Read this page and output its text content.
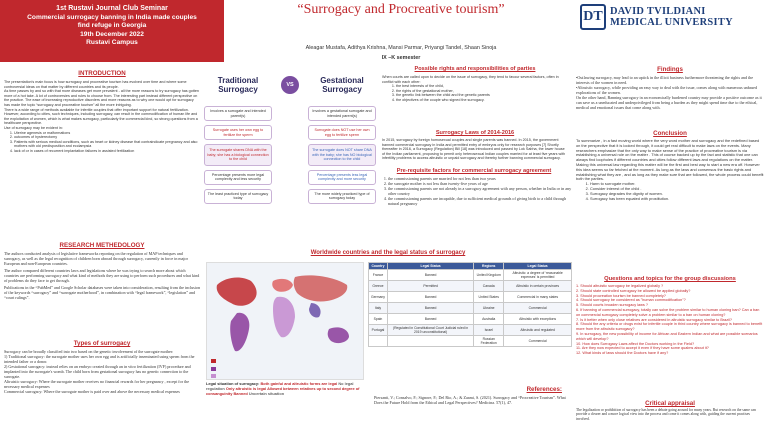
1st Rustavi Journal Club Seminar
Commercial surrogacy banning in India made couples
find refuge in Georgia
19th December 2022
Rustavi Campus
“Surrogacy and Procreative tourism”
Aleagar Mustafa, Adithya Krishna, Mansi Parmar, Priyangi Tandel, Shaan Sinoja
IX –K semester
DT DAVID TVILDIANI
MEDICAL UNIVERSITY
INTRODUCTION
The presentation's main focus is how surrogacy and procreative tourism has evolved over time and where some controversial ideas on that matter by different countries and its people.
As time passes by and so with that more diseases get more prevalent - all the more reasons to try surrogacy has gotten more of a hot take. A lot of controversies and rules to choose from. The interesting part instead different perspective on the practice. The ease of increasing reproductive disorders and more reasons as to why one would opt for surrogacy has made the topic “surrogacy and procreative tourism” all the more intriguing.
There is a wide range of methods available for infertile couples that offer important support for natural fertilization. However, according to cities, such techniques, including surrogacy, can result in the commodification of human life and the exploitation of women, which is what makes surrogacy, particularly the commercial kind, so strong questions from a healthcare perspective.
Use of surrogacy may be evident in:
1. Uterine agenesis or malformations
2. outcomes of hysterectomy
3. Patients with serious medical conditions, such as heart or kidney disease that contraindicate pregnancy and also mothers with old predisposition and ecclampsia
4. lack of or in cases of recurrent implantation failures in assisted fertilization
RESEARCH METHEDOLOGY
The authors conducted analysis of legislative frameworks reporting on the regulation of MAP techniques and surrogacy, as well as the legal recognition of children born abroad through surrogacy, currently in force in major European and non-European countries.
The author compared different countries laws and legislations where he was trying to search more about which countries are performing surrogacy and what kind of methods they are using to perform such procedures and what kind of problems do they face to get through.
Publications in the “PubMed” and Google Scholar databases were taken into consideration, resulting from the inclusion of the keywords “surrogacy” and “surrogate motherhood”, in combination with “legal framework”, “legislation” and “court rulings”.
Types of surrogacy
Surrogacy can be broadly classified into two based on the genetic involvement of the surrogate mother:
1) Traditional surrogacy: the surrogate mother uses her own egg and is artificially inseminated using sperm from the intended father or a donor.
2) Gestational surrogacy: instead relies on an embryo created through an in vitro fertilization (IVF) procedure and implanted into the surrogate's womb. The child born from gestational surrogacy has no genetic connection to the surrogate.
Altruistic surrogacy: Where the surrogate mother receives no financial rewards for her pregnancy , except for the necessary medical expenses
Commercial surrogacy: Where the surrogate mother is paid over and above the necessary medical expenses
Traditional Surrogacy	VS	Gestational Surrogacy
Involves a surrogate and intended parent(s)
Surrogate uses her own egg to fertilize the sperm
The surrogate shares DNA with the baby; she has a biological connection to the child
Percentage presents more legal complexity and less security
The least practiced type of surrogacy today
Involves a gestational surrogate and intended parent(s)
Surrogate does NOT use her own egg to fertilize sperm
The surrogate does NOT share DNA with the baby; she has NO biological connection to the child
Percentage presents less legal complexity and more security
The more widely practiced type of surrogacy today
Possible rights and responsibilities of parties
When courts are called upon to decide on the issue of surrogacy, they tend to favour several factors, often in conflict with each other:
1. the best interests of the child,
2. the rights of the gestational mother,
3. the genetic link between the child and the genetic parents
4. the objectives of the couple who signed the surrogacy.
Surrogacy Laws of 2014-2016
In 2015, surrogacy by foreign homosexual couples and single parents was banned. In 2015, the government banned commercial surrogacy in India and permitted entry of embryos only for research purposes [7] Shortly thereafter in 2016, a Surrogacy (Regulation) Bill [18] was introduced and passed by Lok Sabha, the lower house of the Indian parliament, proposing to permit only heterosexual Indian couples married for at least five years with infertility problems to access altruistic or unpaid surrogacy and thereby further banning commercial surrogacy.
Pre-requisite factors for commercial surrogacy agreement
1. the commissioning parents are married for not less than two years
2. the surrogate mother is not less than twenty-five years of age
3. the commissioning parents are not already in a surrogacy agreement with any person, whether in India or in any other country
4. the commissioning parents are incapable, due to sufficient medical grounds of giving birth to a child through natural pregnancy
Worldwide countries and the legal status of surrogacy
Country	Legal Status	Regions	Legal Status
France	Banned	United Kingdom	Altruistic: a degree of ‘reasonable expenses’ is permitted
Greece	Permitted	Canada	Altruistic in certain provinces
Germany	Banned	United States	Commercial in many states
Italy	Banned	Ukraine	Commercial
Spain	Banned	Australia	Altruistic with exceptions
Portugal	(Regulated in Constitutional Court Judicial ruled in 2019 unconstitutional)	Israel	Altruistic and regulated
		Russian Federation	Commercial
Legal situation of surrogacy: Both gainful and altruistic forms are legal No legal regulation Only altruistic is legal Allowed between relatives up to second degree of consanguinity Banned Uncertain situation
References:
Piersanti, V.; Consalvo, F.; Signore, F.; Del Rio, A.; & Zaami, S. (2021). Surrogacy and “Procreative Tourism”. What Does the Future Hold from the Ethical and Legal Perspectives? Medicina. 57(1), 47.
Findings
•Outlawing surrogacy, may lead to an uptick in the illicit business furthermore threatening the rights and the interests of the women in need.
•Altruistic surrogacy, while providing an easy way to deal with the issue, comes along with numerous unbased explorations of the women.
On the other hand, Banning surrogacy in an economically burdened country may provide a positive outcome as it can save us a uneducated and underprivileged from being a burden as they might spend time due to the ethical, medical and emotional issues that come along with.
Conclusion
To summarize , in a fast moving world where the very word mother and surrogacy and the redefined based on the perspective that it is looked through, it could get real difficult to make laws on the events. Many researchers emphasize that the only way to make sense of the practice of procreative tourism is via establishing a universal rule on the matter . This of course backed up by the fact and statistic that one can always find loopholes if different countries and cities follow different laws and regulations on the matter. Making this universal law regarding this matter will be the first and best way to start a new era off. However this idea seems so far fetched at the moment. As long as the laws and consensus the basic rights and establishing what they are , and as long as they make sure that are followed, the whole process could benefit both the parties.
1. Harm to surrogate mother.
2. Consider interest of the child .
3. Surrogacy degrades the dignity of women.
4. Surrogacy has been equated with prostitution.
Questions and topics for the group discussions
1. Should altruistic surrogacy be legalized globally ?
2. Should state controlled surrogacy be allowed be applied globally?
3. Should procreation tourism be banned completely?
4. Should surrogacy be considered as "human commodification"?
5. Should courts broaden surrogacy laws ?
6. If banning of commercial surrogacy, totally can solve the problem similar to human cloning ban? Can a ban on commercial surrogacy completely solve a problem similar to a ban on human cloning?
7. Is it better when only close relatives are considered in altruistic surrogacy similar to Brazil?
8. Should the any criteria or drugs exist for infertile couple in third country where surrogacy is banned to benefit more from the altruistic surrogacy?
9. In surrogacy, the new possibility of income for African and Eastern Indian and what are possible scenarios which will develop?
10. How does Surrogacy Laws affect the Doctors working in the Field?
11. Are they now expected to accept it even if they have some qualms about it?
12. What kinds of laws should the Doctors have if any?
Critical appraisal
The legalization or prohibition of surrogacy has been a debate going around for many years. But research on the same can provide a clearer and a more logical view into the process and come it comes along with, guiding the current practises involved.
